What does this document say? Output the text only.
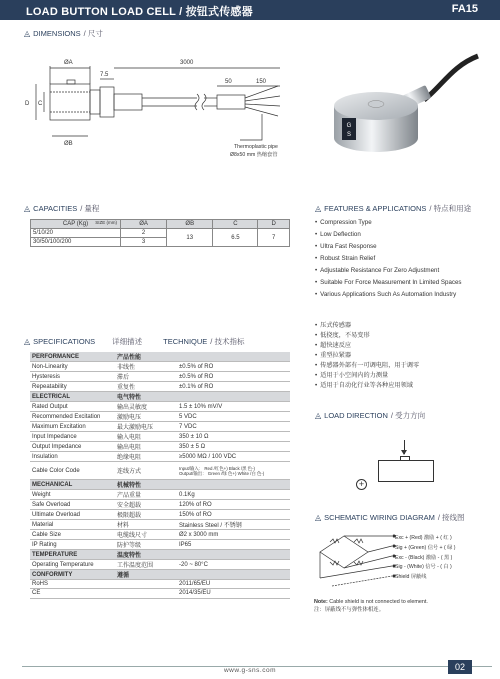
LOAD BUTTON LOAD CELL / 按钮式传感器	FA15
◬ DIMENSIONS / 尺寸
ØA
7.5
3000
50	150
D C
ØB	Thermoplastic pipe
Ø8x50 mm 热缩套管
G
S
◬ CAPACITIES / 量程
CAP (Kg) SIZE (mm)	ØA	ØB	C	D
5/10/20	2	13	6.5	7
30/50/100/200	3			
◬ FEATURES & APPLICATIONS / 特点和用途
• Compression Type
• Low Deflection
• Ultra Fast Response
• Robust Strain Relief
• Adjustable Resistance For Zero Adjustment
• Suitable For Force Measurement In Limited Spaces
• Various Applications Such As Automation Industry
• 压式传感器
• 低挠度，不易变形
• 超快速反应
• 重型拉紧器
• 传感器外部有一可调电阻，用于调零
• 适用于小空间内的力测量
• 适用于自动化行业等各种应用领域
◬ SPECIFICATIONS 详细描述	TECHNIQUE / 技术指标
PERFORMANCE	产品性能	
Non-Linearity	非线性	±0.5% of RO
Hysteresis	滞后	±0.5% of RO
Repeatability	重复性	±0.1% of RO
ELECTRICAL	电气特性	
Rated Output	输出灵敏度	1.5 ± 10% mV/V
Recommended Excitation	激励电压	5 VDC
Maximum Excitation	最大激励电压	7 VDC
Input Impedance	输入电阻	350 ± 10 Ω
Output Impedance	输出电阻	350 ± 5 Ω
Insulation	绝缘电阻	≥5000 MΩ / 100 VDC
Cable Color Code	连线方式	Input/输入： Red /红色+) Black /黑 色-)
Output/输出： Green /绿 色+) White /白 色-)

MECHANICAL	机械特性	
Weight	产品重量	0.1Kg
Safe Overload	安全超载	120% of RO
Ultimate Overload	极限超载	150% of RO
Material	材料	Stainless Steel / 不锈钢
Cable Size	电缆线尺寸	Ø2 x 3000 mm
IP Rating	防护等级	IP65
TEMPERATURE	温度特性	
Operating Temperature	工作温度范围	-20 ~ 80°C
CONFORMITY	遵循	
RoHS		2011/65/EU
CE		2014/35/EU
◬ LOAD DIRECTION / 受力方向
+
◬ SCHEMATIC WIRING DIAGRAM / 接线图
Exc + (Red) 激励 + ( 红 )
Sig + (Green) 信号 + ( 绿 )
Exc - (Black) 激励 - ( 黑 )
Sig - (White) 信号 - ( 白 )
Shield 屏蔽线
Note: Cable shield is not connected to element.
注：屏蔽线不与弹性体相连。
www.g-sns.com	02
